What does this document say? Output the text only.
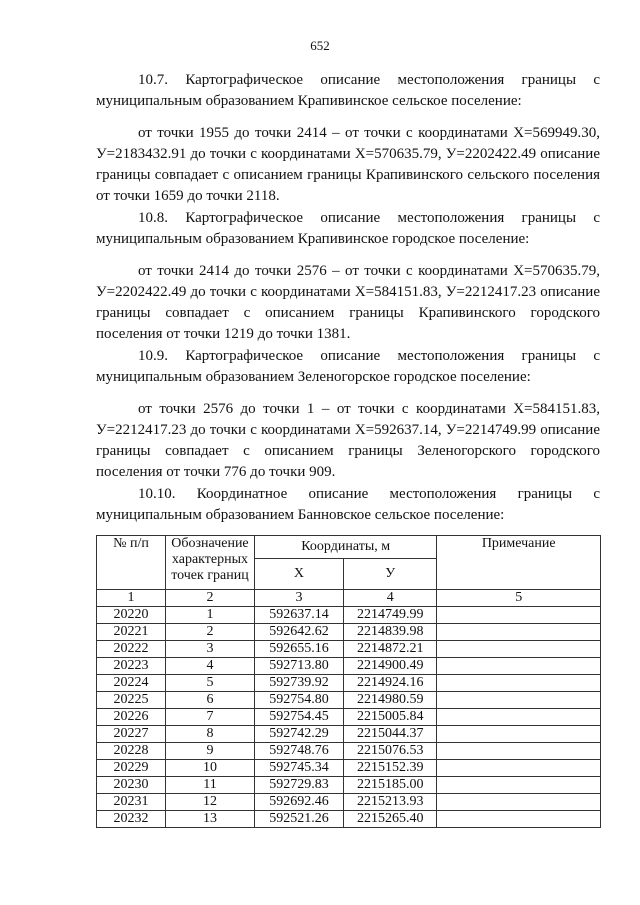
652
10.7. Картографическое описание местоположения границы с муниципальным образованием Крапивинское сельское поселение:
от точки 1955 до точки 2414 – от точки с координатами Х=569949.30, У=2183432.91 до точки с координатами Х=570635.79, У=2202422.49 описание границы совпадает с описанием границы Крапивинского сельского поселения от точки 1659 до точки 2118.
10.8. Картографическое описание местоположения границы с муниципальным образованием Крапивинское городское поселение:
от точки 2414 до точки 2576 – от точки с координатами Х=570635.79, У=2202422.49 до точки с координатами Х=584151.83, У=2212417.23 описание границы совпадает с описанием границы Крапивинского городского поселения от точки 1219 до точки 1381.
10.9. Картографическое описание местоположения границы с муниципальным образованием Зеленогорское городское поселение:
от точки 2576 до точки 1 – от точки с координатами Х=584151.83, У=2212417.23 до точки с координатами Х=592637.14, У=2214749.99 описание границы совпадает с описанием границы Зеленогорского городского поселения от точки 776 до точки 909.
10.10. Координатное описание местоположения границы с муниципальным образованием Банновское сельское поселение:
№ п/п	Обозначение характерных точек границ	Координаты, м		Примечание
		Х	У	
1	2	3	4	5
20220	1	592637.14	2214749.99	
20221	2	592642.62	2214839.98	
20222	3	592655.16	2214872.21	
20223	4	592713.80	2214900.49	
20224	5	592739.92	2214924.16	
20225	6	592754.80	2214980.59	
20226	7	592754.45	2215005.84	
20227	8	592742.29	2215044.37	
20228	9	592748.76	2215076.53	
20229	10	592745.34	2215152.39	
20230	11	592729.83	2215185.00	
20231	12	592692.46	2215213.93	
20232	13	592521.26	2215265.40	
